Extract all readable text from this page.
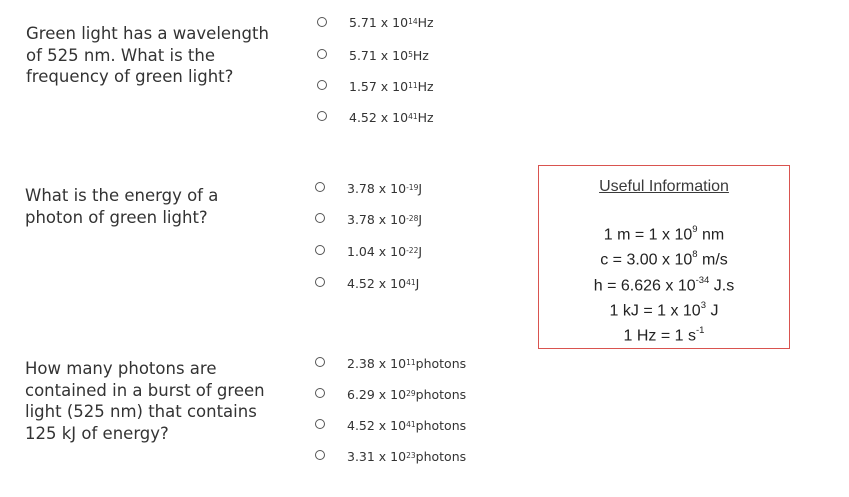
Green light has a wavelength of 525 nm. What is the frequency of green light?
5.71 x $10^{14}$ Hz
5.71 x $10^5$ Hz
1.57 x $10^{11}$ Hz
4.52 x $10^{41}$ Hz
What is the energy of a photon of green light?
3.78 x $10^{-19}$ J
3.78 x $10^{-28}$ J
1.04 x $10^{-22}$ J
4.52 x $10^{41}$ J
How many photons are contained in a burst of green light (525 nm) that contains 125 kJ of energy?
2.38 x $10^{11}$ photons
6.29 x $10^{29}$ photons
4.52 x $10^{41}$ photons
3.31 x $10^{23}$ photons
Useful Information
1 m = 1 x $10^9$ nm
c = 3.00 x $10^8$ m/s
h = 6.626 x $10^{-34}$ J.s
1 kJ = 1 x $10^3$ J
1 Hz = 1 $s^{-1}$
